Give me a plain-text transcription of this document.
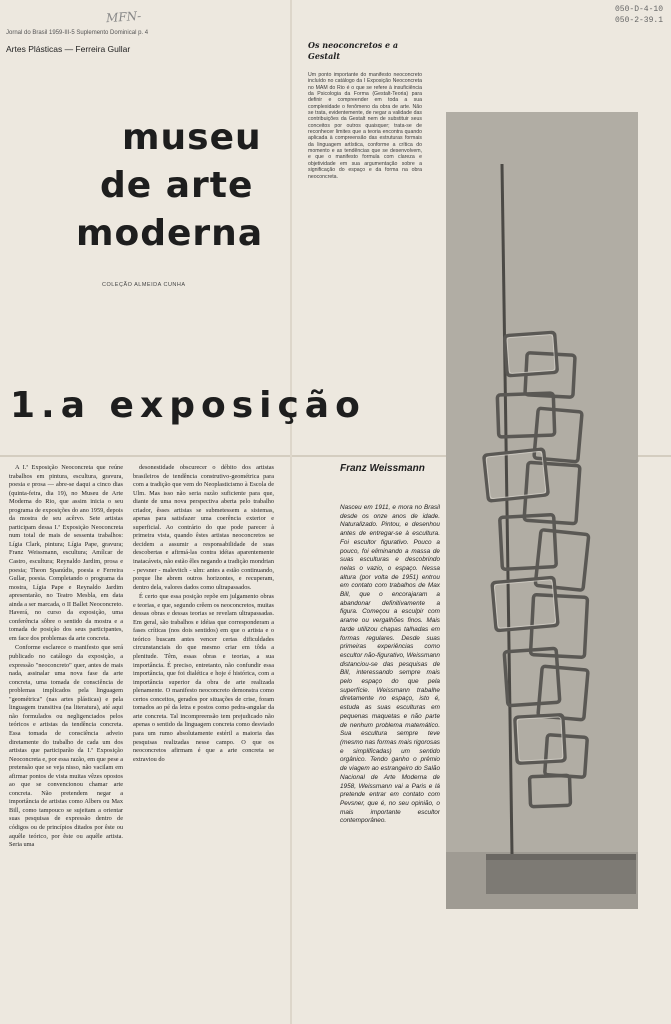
Jornal do Brasil 1959-III-5 Suplemento Dominical p. 4
Artes Plásticas — Ferreira Gullar
MFN-	050-D-4-10
050-2-39.1
museu
de arte
moderna
COLEÇÃO ALMEIDA CUNHA
1.a exposição
Os neoconcretos e a Gestalt
Um ponto importante do manifesto neoconcreto incluído no catálogo da I Exposição Neoconcreta no MAM do Rio é o que se refere à insuficiência da Psicologia da Forma (Gestalt-Teoria) para definir e compreender em toda a sua complexidade o fenômeno da obra de arte. Não se trata, evidentemente, de negar a validade das contribuições da Gestalt nem de substituir seus conceitos por outros quaisquer; trata-se de reconhecer limites que a teoria encontra quando aplicada à compreensão das estruturas formais da linguagem artística, conforme a crítica do momento e as tendências que se desenvolvem, e que o manifesto formula com clareza e objetividade em sua argumentação sobre a significação do espaço e da forma na obra neoconcreta.

A I.ª Exposição Neoconcreta que reúne trabalhos em pintura, escultura, gravura, poesia e prosa — abre-se daqui a cinco dias (quinta-feira, dia 19), no Museu de Arte Moderna do Rio, que assim inicia o seu programa de exposições do ano 1959, depois da mostra de seu acêrvo. Sete artistas participam dessa I.ª Exposição Neoconcreta num total de mais de sessenta trabalhos: Lígia Clark, pintura; Lígia Pape, gravura; Franz Weissmann, escultura; Amílcar de Castro, escultura; Reynaldo Jardim, prosa e poesia; Theon Spanúdis, poesia e Ferreira Gullar, poesia. Completando o programa da mostra, Lígia Pape e Reynaldo Jardim apresentarão, no Teatro Mesbla, em data ainda a ser marcada, o II Ballet Neoconcreto. Haverá, no curso da exposição, uma conferência sôbre o sentido da mostra e a tomada de posição dos seus participantes, em face dos problemas da arte concreta.

Conforme esclarece o manifesto que será publicado no catálogo da exposição, a expressão "neoconcreto" quer, antes de mais nada, assinalar uma nova fase da arte concreta, uma tomada de consciência de problemas implicados pela linguagem "geométrica" (nas artes plásticas) e pela linguagem transitiva (na literatura), até aqui não formulados ou negligenciados pelos teóricos e artistas da tendência concreta. Essa tomada de consciência adveio diretamente do trabalho de cada um dos artistas que participarão da I.ª Exposição Neoconcreta e, por essa razão, em que pese a pretensão que se veja nisso, não vacilam em afirmar pontos de vista muitas vêzes opostos ao que se convencionou chamar arte concreta. Não pretendem negar a importância de artistas como Albers ou Max Bill, como tampouco se sujeitam a orientar suas pesquisas de expressão dentro de códigos ou de princípios ditados por êste ou aquêle teórico, por êste ou aquêle artista. Seria uma

desonestidade obscurecer o débito dos artistas brasileiros de tendência construtivo-geométrica para com a tradição que vem do Neoplasticismo à Escola de Ulm. Mas isso não seria razão suficiente para que, diante de uma nova perspectiva aberta pelo trabalho criador, êsses artistas se submetessem a sistemas, apenas para satisfazer uma coerência exterior e superficial. Ao contrário do que pode parecer à primeira vista, quando êstes artistas neoconcretos se decidem a assumir a responsabilidade de suas descobertas e afirmá-las contra idéias aparentemente inatacáveis, não estão êles negando a tradição mondrian - pevsner - malevitch - ulm: antes a estão continuando, porque lhe abrem outros horizontes, e recuperam, dentro dela, valores dados como ultrapassados.

É certo que essa posição repõe em julgamento obras e teorias, e que, segundo crêem os neoconcretos, muitas dessas obras e dessas teorias se revelam ultrapassadas. Em geral, são trabalhos e idéias que corresponderam a fases críticas (nos dois sentidos) em que o artista e o teórico buscam antes vencer certas dificuldades circunstanciais do que mesmo criar em tôda a plenitude. Têm, essas obras e teorias, a sua importância. É preciso, entretanto, não confundir essa importância, que foi dialética e hoje é histórica, com a importância superior da obra de arte realizada plenamente. O manifesto neoconcreto demonstra como certos conceitos, gerados por situações de crise, foram tomados ao pé da letra e postos como pedra-angular da arte concreta. Tal incompreensão tem prejudicado não apenas o sentido da linguagem concreta como desviado para um rumo absolutamente estéril a maioria das pesquisas realizadas nesse campo. O que os neoconcretos afirmam é que a arte concreta se extraviou do

Franz Weissmann
Nasceu em 1911, e mora no Brasil desde os onze anos de idade. Naturalizado. Pintou, e desenhou antes de entregar-se à escultura. Foi escultor figurativo. Pouco a pouco, foi eliminando a massa de suas esculturas e descobrindo nelas o vazio, o espaço. Nessa altura (por volta de 1951) entrou em contato com trabalhos de Max Bill, que o encorajaram a abandonar definitivamente a figura. Começou a esculpir com arame ou vergalhões finos. Mais tarde utilizou chapas talhadas em formas regulares. Desde suas primeiras experiências como escultor não-figurativo, Weissmann distanciou-se das pesquisas de Bill, interessando sempre mais pelo espaço do que pela superfície. Weissmann trabalhe diretamente no espaço, isto é, estuda as suas esculturas em pequenas maquetas e não parte de nenhum problema matemático. Sua escultura sempre teve (mesmo nas formas mais rigorosas e simplificadas) um sentido orgânico. Tendo ganho o prêmio de viagem ao estrangeiro do Salão Nacional de Arte Moderna de 1958, Weissmann vai a Paris e lá pretende entrar em contato com Pevsner, que é, no seu opinião, o mais importante escultor contemporâneo.
